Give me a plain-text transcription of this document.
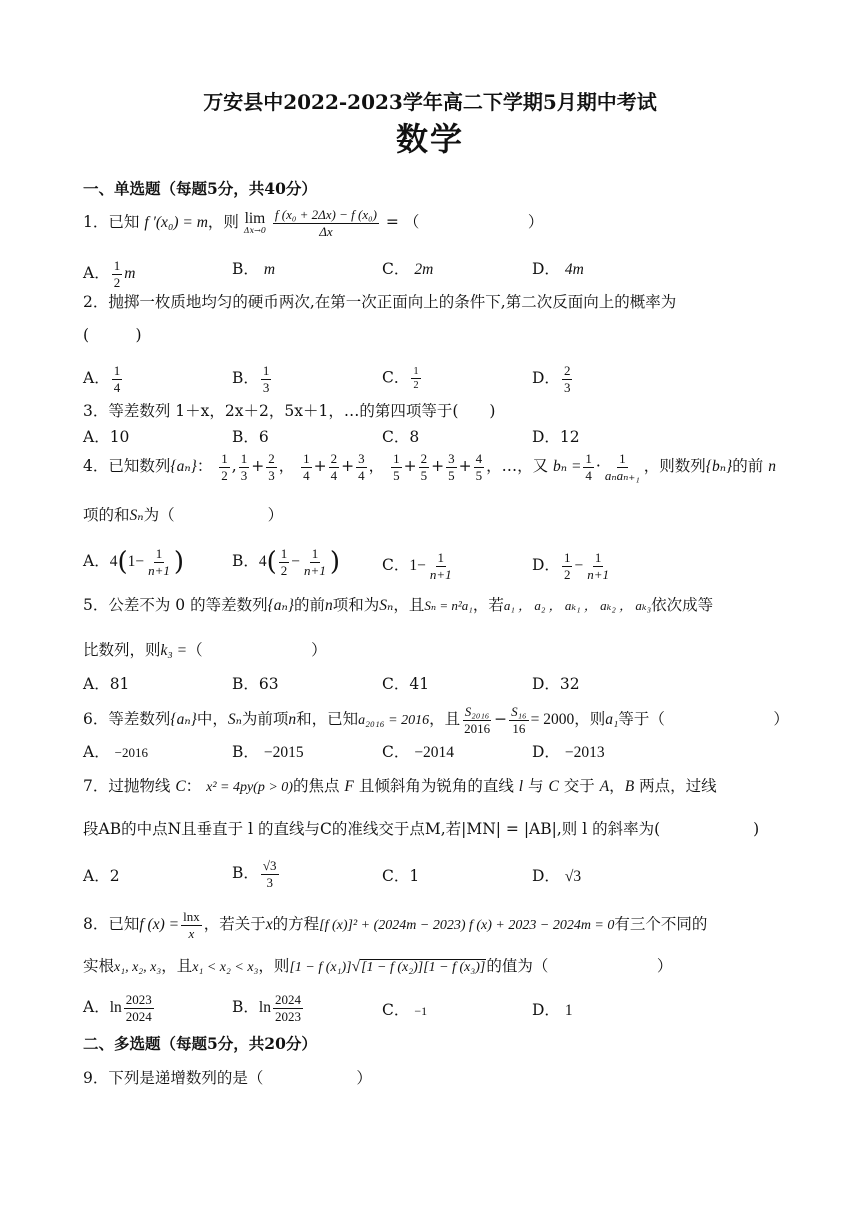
万安县中2022-2023学年高二下学期5月期中考试
数学
一、单选题（每题5分，共40分）
1．已知 f ′(x₀) = m，则 lim
Δx→0
$\frac{\text{f (x₀ + 2Δx) − f (x₀)}}{\Delta x}$ = （　　　　　　　）
A． $\frac{1}{2}$ m	B． m	C． 2m	D． 4m
2．抛掷一枚质地均匀的硬币两次,在第一次正面向上的条件下,第二次反面向上的概率为
(　　　)
A． $\frac{1}{4}$	B． $\frac{1}{3}$	C． $\frac{1}{2}$	D． $\frac{2}{3}$
3．等差数列 1＋x，2x＋2，5x＋1，…的第四项等于(　　)
A．10	B．6	C．8	D．12
4．已知数列{aₙ}： $\frac{1}{2}$ , $\frac{1}{3} + \frac{2}{3}$ ， $\frac{1}{4} + \frac{2}{4} + \frac{3}{4}$ ， $\frac{1}{5} + \frac{2}{5} + \frac{3}{5} + \frac{4}{5}$ ，…，又 $b_n = \frac{1}{4} \cdot \frac{1}{\text{aₙaₙ₊₁}}$ ，则数列{bₙ}的前 n
项的和Sₙ为（　　　　　　）
A．$4(1- \frac{1}{n+1}$ )	B．$4( \frac{1}{2} - \frac{1}{n+1}$ )	C．$1- \frac{1}{n+1}$	D． $\frac{1}{2} - \frac{1}{n+1}$
5．公差不为 0 的等差数列{aₙ}的前n项和为Sₙ，且Sₙ = n²a₁，若a₁ ， a₂ ， aₖ₁ ， aₖ₂ ， aₖ₃依次成等
比数列，则k₃ =（　　　　　　　）
A．81	B．63	C．41	D．32
6．等差数列{aₙ}中，Sₙ为前项n和，已知a₂₀₁₆ = 2016，且 $\frac{\text{S₂₀₁₆}}{2016} - \frac{\text{S₁₆}}{16} = 2000$，则a₁等于（　　　　　　　）
A． −2016	B． −2015	C． −2014	D． −2013
7．过抛物线 C： x² = 4py(p > 0)的焦点 F 且倾斜角为锐角的直线 l 与 C 交于 A，B 两点，过线
段AB的中点N且垂直于 l 的直线与C的准线交于点M,若|MN| = |AB|,则 l 的斜率为(　　　　　　)
A．2	B． $\frac{√3}{3}$	C．1	D． √3
8．已知f $(x) = \frac{\ln x}{x}$ ，若关于x的方程[f (x)]² + (2024m − 2023) f (x) + 2023 − 2024m = 0有三个不同的
实根x₁, x₂, x₃，且x₁ < x₂ < x₃，则[1 − f (x₁)]√[1 − f (x₂)][1 − f (x₃)]的值为（　　　　　　　）
A．$\ln \frac{2023}{2024}$	B．$\ln \frac{2024}{2023}$	C． −1	D． 1
二、多选题（每题5分，共20分）
9．下列是递增数列的是（　　　　　　）
